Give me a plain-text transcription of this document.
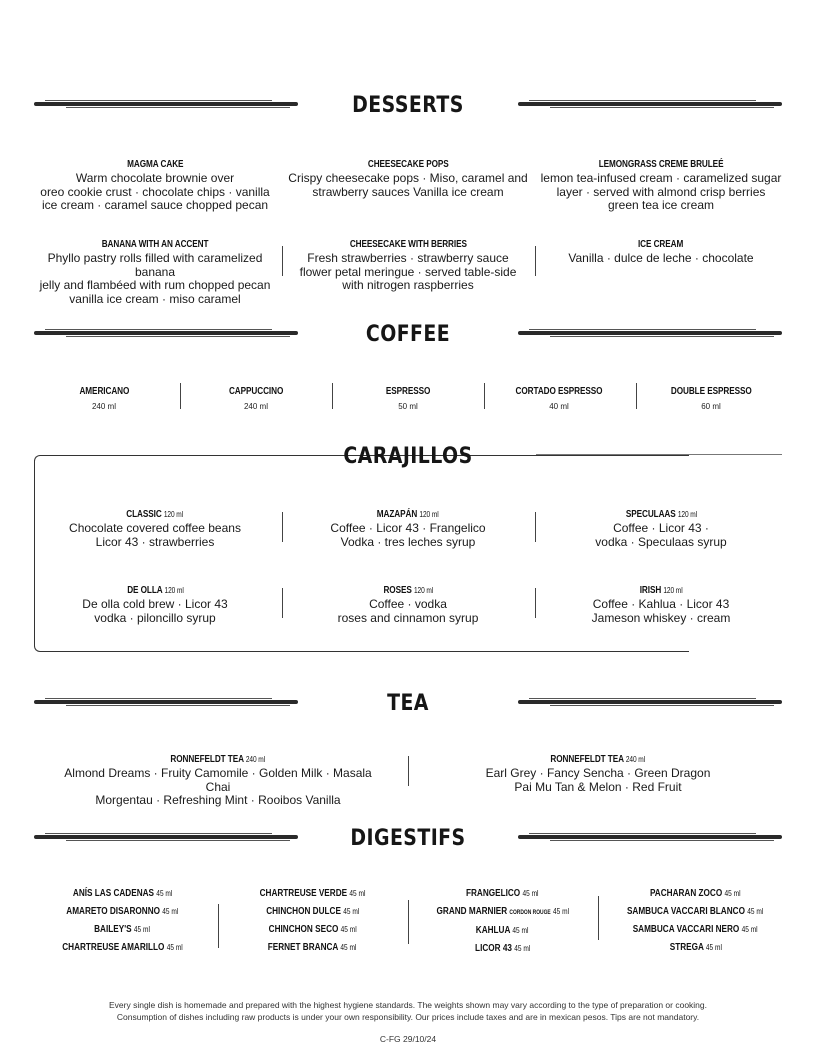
DESSERTS
MAGMA CAKE
Warm chocolate brownie over
oreo cookie crust · chocolate chips · vanilla
ice cream · caramel sauce chopped pecan
CHEESECAKE POPS
Crispy cheesecake pops · Miso, caramel and
strawberry sauces Vanilla ice cream
LEMONGRASS CREME BRULEÉ
lemon tea-infused cream · caramelized sugar
layer · served with almond crisp berries
green tea ice cream
BANANA WITH AN ACCENT
Phyllo pastry rolls filled with caramelized banana
jelly and flambéed with rum chopped pecan
vanilla ice cream · miso caramel
CHEESECAKE WITH BERRIES
Fresh strawberries · strawberry sauce
flower petal meringue · served table-side
with nitrogen raspberries
ICE CREAM
Vanilla · dulce de leche · chocolate
COFFEE
AMERICANO
240 ml
CAPPUCCINO
240 ml
ESPRESSO
50 ml
CORTADO ESPRESSO
40 ml
DOUBLE ESPRESSO
60 ml
CARAJILLOS
CLASSIC 120 ml
Chocolate covered coffee beans
Licor 43 · strawberries
MAZAPÁN 120 ml
Coffee · Licor 43 · Frangelico
Vodka · tres leches syrup
SPECULAAS 120 ml
Coffee · Licor 43 ·
vodka · Speculaas syrup
DE OLLA 120 ml
De olla cold brew · Licor 43
vodka · piloncillo syrup
ROSES 120 ml
Coffee · vodka
roses and cinnamon syrup
IRISH 120 ml
Coffee · Kahlua · Licor 43
Jameson whiskey · cream
TEA
RONNEFELDT TEA 240 ml
Almond Dreams · Fruity Camomile · Golden Milk · Masala Chai
Morgentau · Refreshing Mint · Rooibos Vanilla
RONNEFELDT TEA 240 ml
Earl Grey · Fancy Sencha · Green Dragon
Pai Mu Tan & Melon · Red Fruit
DIGESTIFS
ANÍS LAS CADENAS 45 ml
AMARETO DISARONNO 45 ml
BAILEY'S 45 ml
CHARTREUSE AMARILLO 45 ml
CHARTREUSE VERDE 45 ml
CHINCHON DULCE 45 ml
CHINCHON SECO 45 ml
FERNET BRANCA 45 ml
FRANGELICO 45 ml
GRAND MARNIER CORDON ROUGE 45 ml
KAHLUA 45 ml
LICOR 43 45 ml
PACHARAN ZOCO 45 ml
SAMBUCA VACCARI BLANCO 45 ml
SAMBUCA VACCARI NERO 45 ml
STREGA 45 ml
Every single dish is homemade and prepared with the highest hygiene standards. The weights shown may vary according to the type of preparation or cooking.
Consumption of dishes including raw products is under your own responsibility. Our prices include taxes and are in mexican pesos. Tips are not mandatory.
C-FG 29/10/24
